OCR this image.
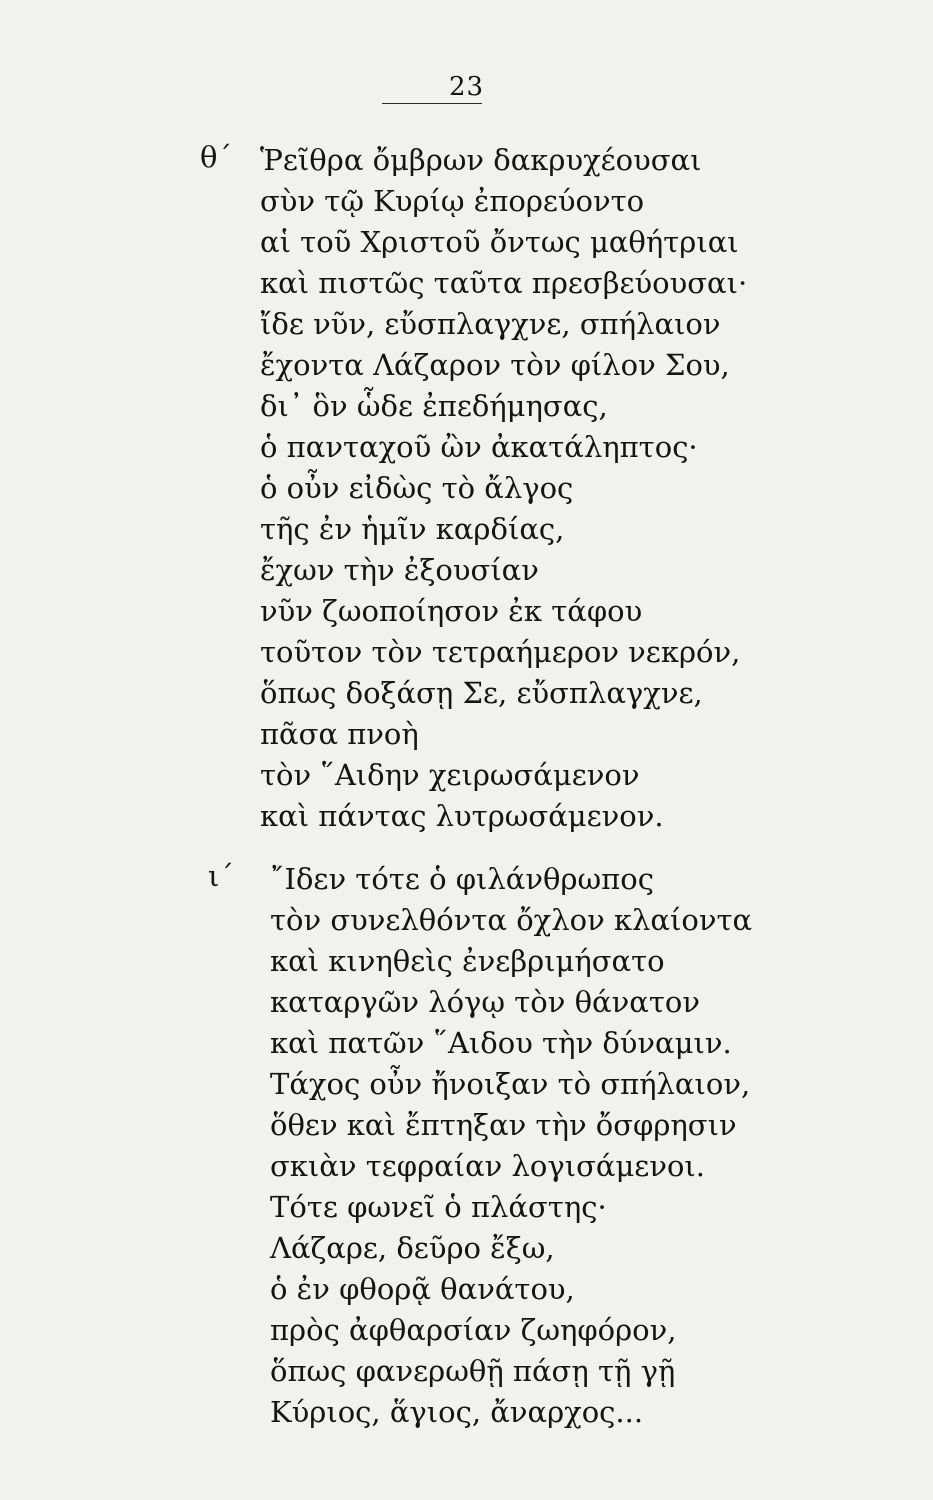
23
θ΄ Ῥεῖθρα ὄμβρων δακρυχέουσαι
σὺν τῷ Κυρίῳ ἐπορεύοντο
αἱ τοῦ Χριστοῦ ὄντως μαθήτριαι
καὶ πιστῶς ταῦτα πρεσβεύουσαι·
ἴδε νῦν, εὔσπλαγχνε, σπήλαιον
ἔχοντα Λάζαρον τὸν φίλον Σου,
δι᾽ ὃν ὧδε ἐπεδήμησας,
ὁ πανταχοῦ ὢν ἀκατάληπτος·
ὁ οὖν εἰδὼς τὸ ἄλγος
τῆς ἐν ἡμῖν καρδίας,
ἔχων τὴν ἐξουσίαν
νῦν ζωοποίησον ἐκ τάφου
τοῦτον τὸν τετραήμερον νεκρόν,
ὅπως δοξάσῃ Σε, εὔσπλαγχνε,
πᾶσα πνοὴ
τὸν ῞Αιδην χειρωσάμενον
καὶ πάντας λυτρωσάμενον.
ι΄ ῎Ιδεν τότε ὁ φιλάνθρωπος
τὸν συνελθόντα ὄχλον κλαίοντα
καὶ κινηθεὶς ἐνεβριμήσατο
καταργῶν λόγῳ τὸν θάνατον
καὶ πατῶν ῞Αιδου τὴν δύναμιν.
Τάχος οὖν ἤνοιξαν τὸ σπήλαιον,
ὅθεν καὶ ἔπτηξαν τὴν ὄσφρησιν
σκιὰν τεφραίαν λογισάμενοι.
Τότε φωνεῖ ὁ πλάστης·
Λάζαρε, δεῦρο ἔξω,
ὁ ἐν φθορᾷ θανάτου,
πρὸς ἀφθαρσίαν ζωηφόρον,
ὅπως φανερωθῇ πάσῃ τῇ γῇ
Κύριος, ἅγιος, ἄναρχος...
